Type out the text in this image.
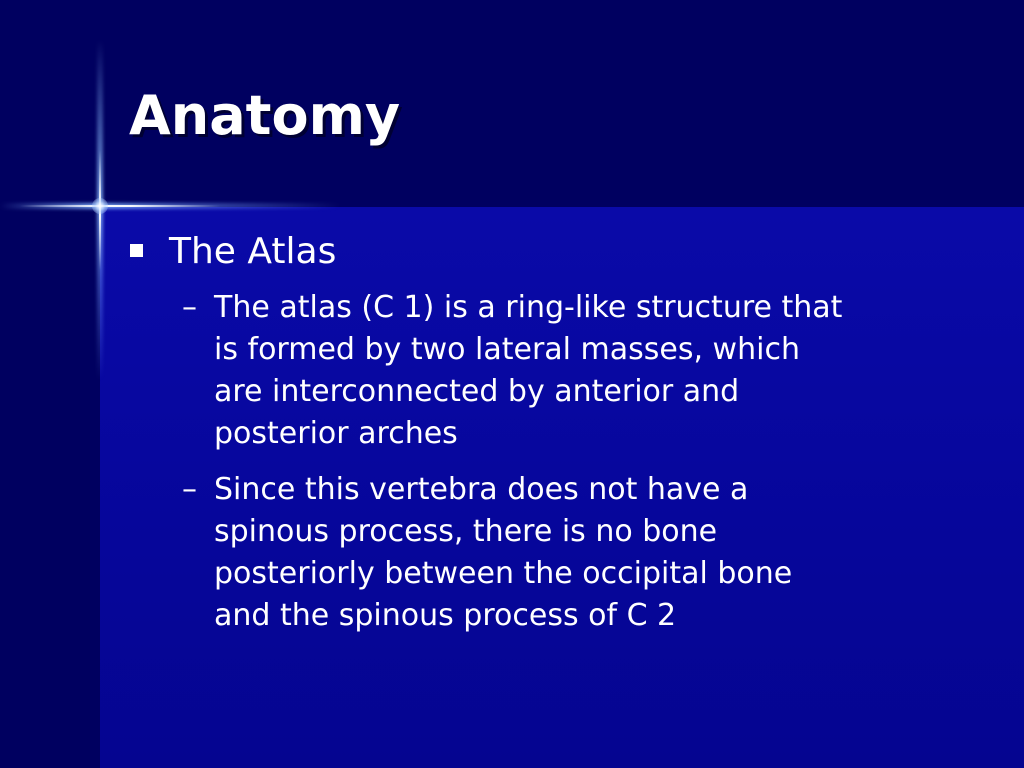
Anatomy
The Atlas
– The atlas (C 1) is a ring-like structure that
is formed by two lateral masses, which
are interconnected by anterior and
posterior arches
– Since this vertebra does not have a
spinous process, there is no bone
posteriorly between the occipital bone
and the spinous process of C 2
